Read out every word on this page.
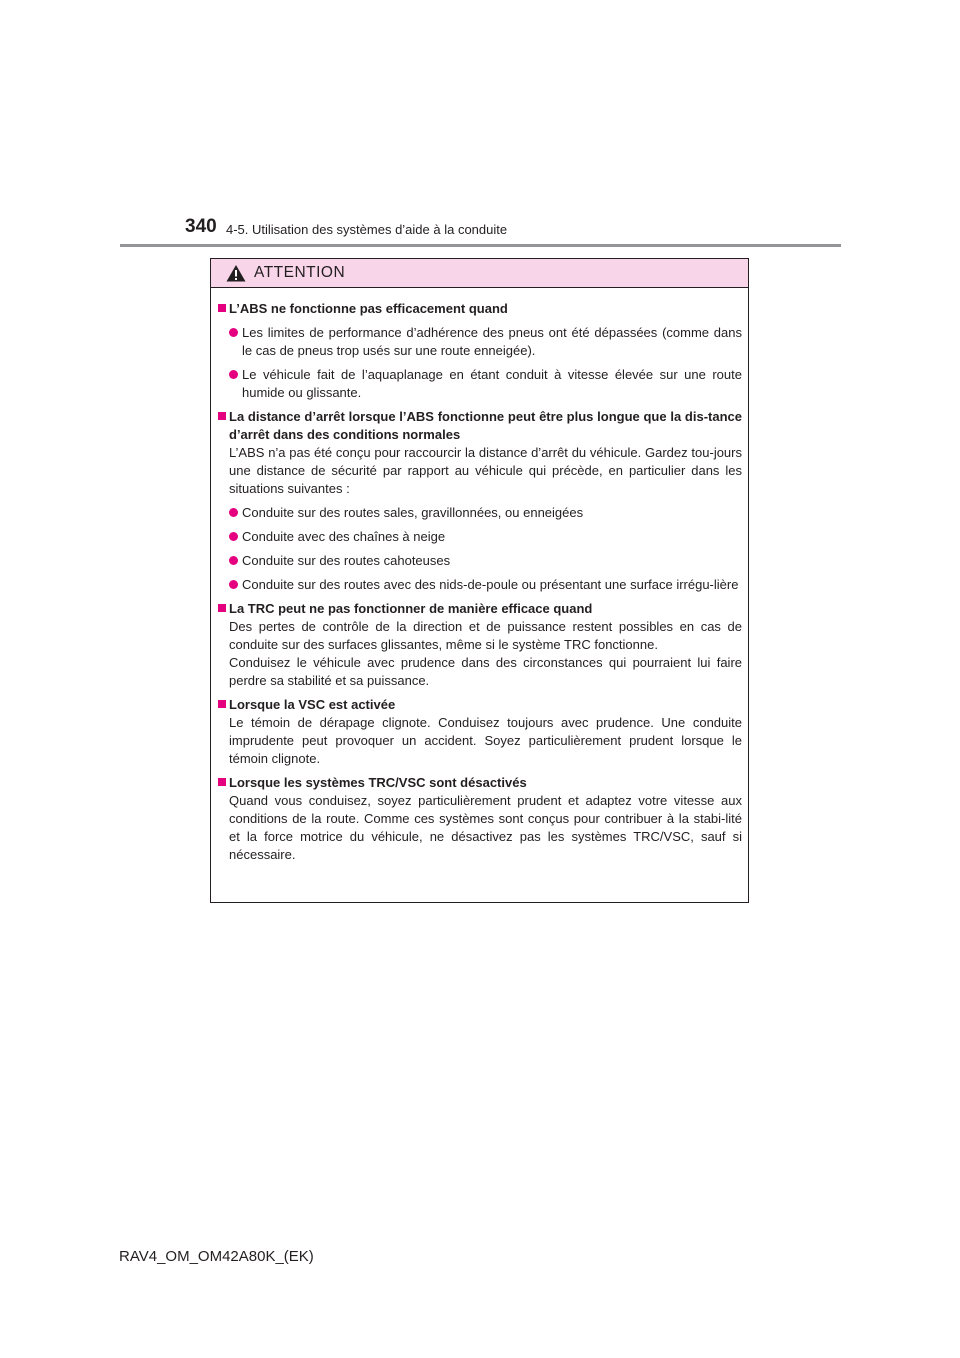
340 4-5. Utilisation des systèmes d’aide à la conduite
ATTENTION
L’ABS ne fonctionne pas efficacement quand
Les limites de performance d’adhérence des pneus ont été dépassées (comme dans le cas de pneus trop usés sur une route enneigée).
Le véhicule fait de l’aquaplanage en étant conduit à vitesse élevée sur une route humide ou glissante.
La distance d’arrêt lorsque l’ABS fonctionne peut être plus longue que la dis-tance d’arrêt dans des conditions normales
L’ABS n’a pas été conçu pour raccourcir la distance d’arrêt du véhicule. Gardez tou-jours une distance de sécurité par rapport au véhicule qui précède, en particulier dans les situations suivantes :
Conduite sur des routes sales, gravillonnées, ou enneigées
Conduite avec des chaînes à neige
Conduite sur des routes cahoteuses
Conduite sur des routes avec des nids-de-poule ou présentant une surface irrégu-lière
La TRC peut ne pas fonctionner de manière efficace quand
Des pertes de contrôle de la direction et de puissance restent possibles en cas de conduite sur des surfaces glissantes, même si le système TRC fonctionne.
Conduisez le véhicule avec prudence dans des circonstances qui pourraient lui faire perdre sa stabilité et sa puissance.
Lorsque la VSC est activée
Le témoin de dérapage clignote. Conduisez toujours avec prudence. Une conduite imprudente peut provoquer un accident. Soyez particulièrement prudent lorsque le témoin clignote.
Lorsque les systèmes TRC/VSC sont désactivés
Quand vous conduisez, soyez particulièrement prudent et adaptez votre vitesse aux conditions de la route. Comme ces systèmes sont conçus pour contribuer à la stabi-lité et la force motrice du véhicule, ne désactivez pas les systèmes TRC/VSC, sauf si nécessaire.
RAV4_OM_OM42A80K_(EK)
